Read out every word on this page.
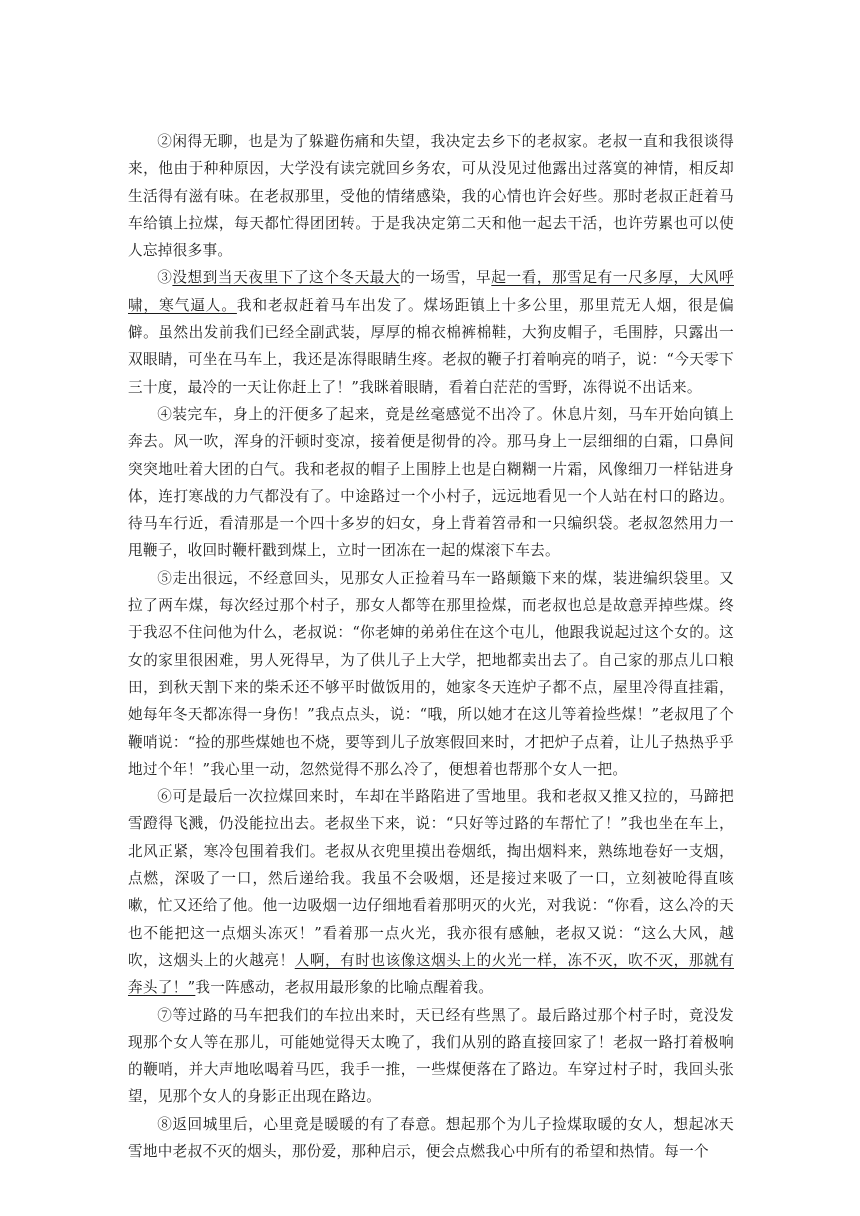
②闲得无聊，也是为了躲避伤痛和失望，我决定去乡下的老叔家。老叔一直和我很谈得来，他由于种种原因，大学没有读完就回乡务农，可从没见过他露出过落寞的神情，相反却生活得有滋有味。在老叔那里，受他的情绪感染，我的心情也许会好些。那时老叔正赶着马车给镇上拉煤，每天都忙得团团转。于是我决定第二天和他一起去干活，也许劳累也可以使人忘掉很多事。

③没想到当天夜里下了这个冬天最大的一场雪，早起一看，那雪足有一尺多厚，大风呼啸，寒气逼人。我和老叔赶着马车出发了。煤场距镇上十多公里，那里荒无人烟，很是偏僻。虽然出发前我们已经全副武装，厚厚的棉衣棉裤棉鞋，大狗皮帽子，毛围脖，只露出一双眼睛，可坐在马车上，我还是冻得眼睛生疼。老叔的鞭子打着响亮的哨子，说：“今天零下三十度，最冷的一天让你赶上了！”我眯着眼睛，看着白茫茫的雪野，冻得说不出话来。

④装完车，身上的汗便多了起来，竟是丝毫感觉不出冷了。休息片刻，马车开始向镇上奔去。风一吹，浑身的汗顿时变凉，接着便是彻骨的冷。那马身上一层细细的白霜，口鼻间突突地吐着大团的白气。我和老叔的帽子上围脖上也是白糊糊一片霜，风像细刀一样钻进身体，连打寒战的力气都没有了。中途路过一个小村子，远远地看见一个人站在村口的路边。待马车行近，看清那是一个四十多岁的妇女，身上背着笤帚和一只编织袋。老叔忽然用力一甩鞭子，收回时鞭杆戳到煤上，立时一团冻在一起的煤滚下车去。

⑤走出很远，不经意回头，见那女人正捡着马车一路颠簸下来的煤，装进编织袋里。又拉了两车煤，每次经过那个村子，那女人都等在那里捡煤，而老叔也总是故意弄掉些煤。终于我忍不住问他为什么，老叔说：“你老婶的弟弟住在这个屯儿，他跟我说起过这个女的。这女的家里很困难，男人死得早，为了供儿子上大学，把地都卖出去了。自己家的那点儿口粮田，到秋天割下来的柴禾还不够平时做饭用的，她家冬天连炉子都不点，屋里冷得直挂霜，她每年冬天都冻得一身伤！”我点点头，说：“哦，所以她才在这儿等着捡些煤！”老叔甩了个鞭哨说：“捡的那些煤她也不烧，要等到儿子放寒假回来时，才把炉子点着，让儿子热热乎乎地过个年！”我心里一动，忽然觉得不那么冷了，便想着也帮那个女人一把。

⑥可是最后一次拉煤回来时，车却在半路陷进了雪地里。我和老叔又推又拉的，马蹄把雪蹬得飞溅，仍没能拉出去。老叔坐下来，说：“只好等过路的车帮忙了！”我也坐在车上，北风正紧，寒冷包围着我们。老叔从衣兜里摸出卷烟纸，掏出烟料来，熟练地卷好一支烟，点燃，深吸了一口，然后递给我。我虽不会吸烟，还是接过来吸了一口，立刻被呛得直咳嗽，忙又还给了他。他一边吸烟一边仔细地看着那明灭的火光，对我说：“你看，这么冷的天也不能把这一点烟头冻灭！”看着那一点火光，我亦很有感触，老叔又说：“这么大风，越吹，这烟头上的火越亮！人啊，有时也该像这烟头上的火光一样，冻不灭，吹不灭，那就有奔头了！”我一阵感动，老叔用最形象的比喻点醒着我。

⑦等过路的马车把我们的车拉出来时，天已经有些黑了。最后路过那个村子时，竟没发现那个女人等在那儿，可能她觉得天太晚了，我们从别的路直接回家了！老叔一路打着极响的鞭哨，并大声地吆喝着马匹，我手一推，一些煤便落在了路边。车穿过村子时，我回头张望，见那个女人的身影正出现在路边。

⑧返回城里后，心里竟是暖暖的有了春意。想起那个为儿子捡煤取暖的女人，想起冰天雪地中老叔不灭的烟头，那份爱，那种启示，便会点燃我心中所有的希望和热情。每一个
